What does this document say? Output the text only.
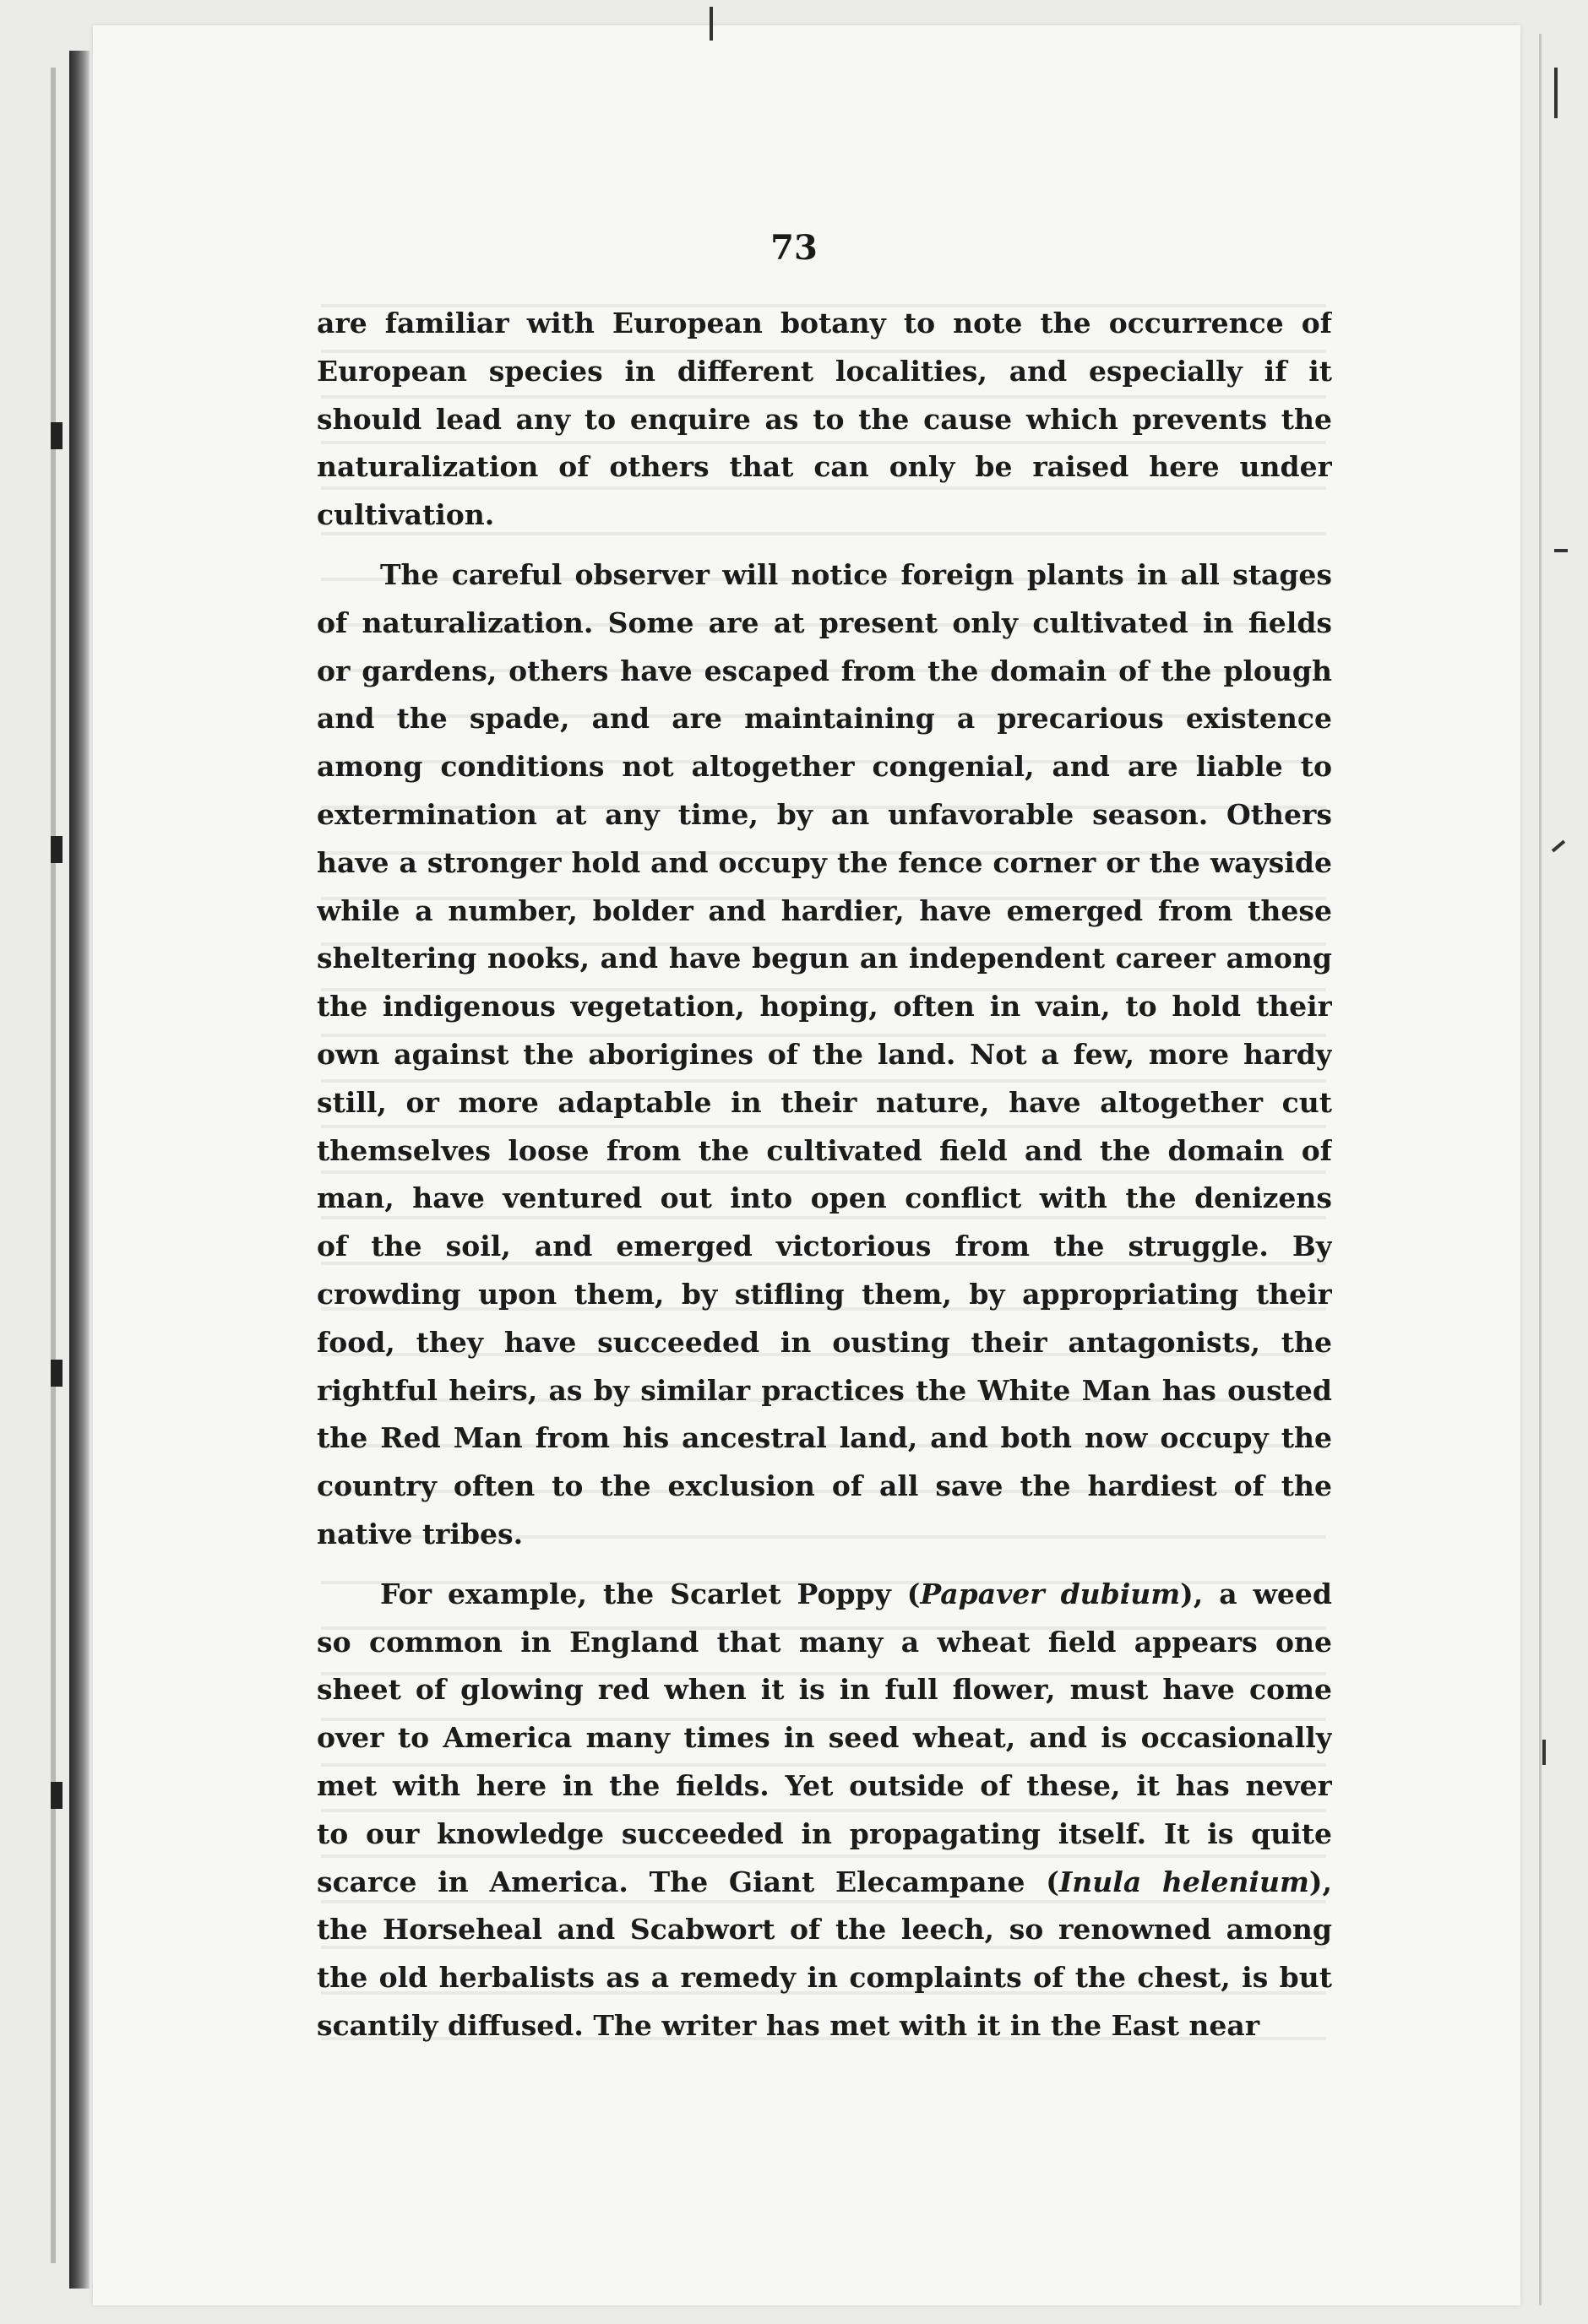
73
are familiar with European botany to note the occurrence of
European species in different localities, and especially if it
should lead any to enquire as to the cause which prevents the
naturalization of others that can only be raised here under
cultivation.
The careful observer will notice foreign plants in all stages
of naturalization. Some are at present only cultivated in fields
or gardens, others have escaped from the domain of the plough
and the spade, and are maintaining a precarious existence
among conditions not altogether congenial, and are liable to
extermination at any time, by an unfavorable season. Others
have a stronger hold and occupy the fence corner or the wayside
while a number, bolder and hardier, have emerged from these
sheltering nooks, and have begun an independent career among
the indigenous vegetation, hoping, often in vain, to hold their
own against the aborigines of the land. Not a few, more hardy
still, or more adaptable in their nature, have altogether cut
themselves loose from the cultivated field and the domain of
man, have ventured out into open conflict with the denizens
of the soil, and emerged victorious from the struggle. By
crowding upon them, by stifling them, by appropriating their
food, they have succeeded in ousting their antagonists, the
rightful heirs, as by similar practices the White Man has ousted
the Red Man from his ancestral land, and both now occupy the
country often to the exclusion of all save the hardiest of the
native tribes.
For example, the Scarlet Poppy (Papaver dubium), a weed
so common in England that many a wheat field appears one
sheet of glowing red when it is in full flower, must have come
over to America many times in seed wheat, and is occasionally
met with here in the fields. Yet outside of these, it has never
to our knowledge succeeded in propagating itself. It is quite
scarce in America. The Giant Elecampane (Inula helenium),
the Horseheal and Scabwort of the leech, so renowned among
the old herbalists as a remedy in complaints of the chest, is but
scantily diffused. The writer has met with it in the East near
